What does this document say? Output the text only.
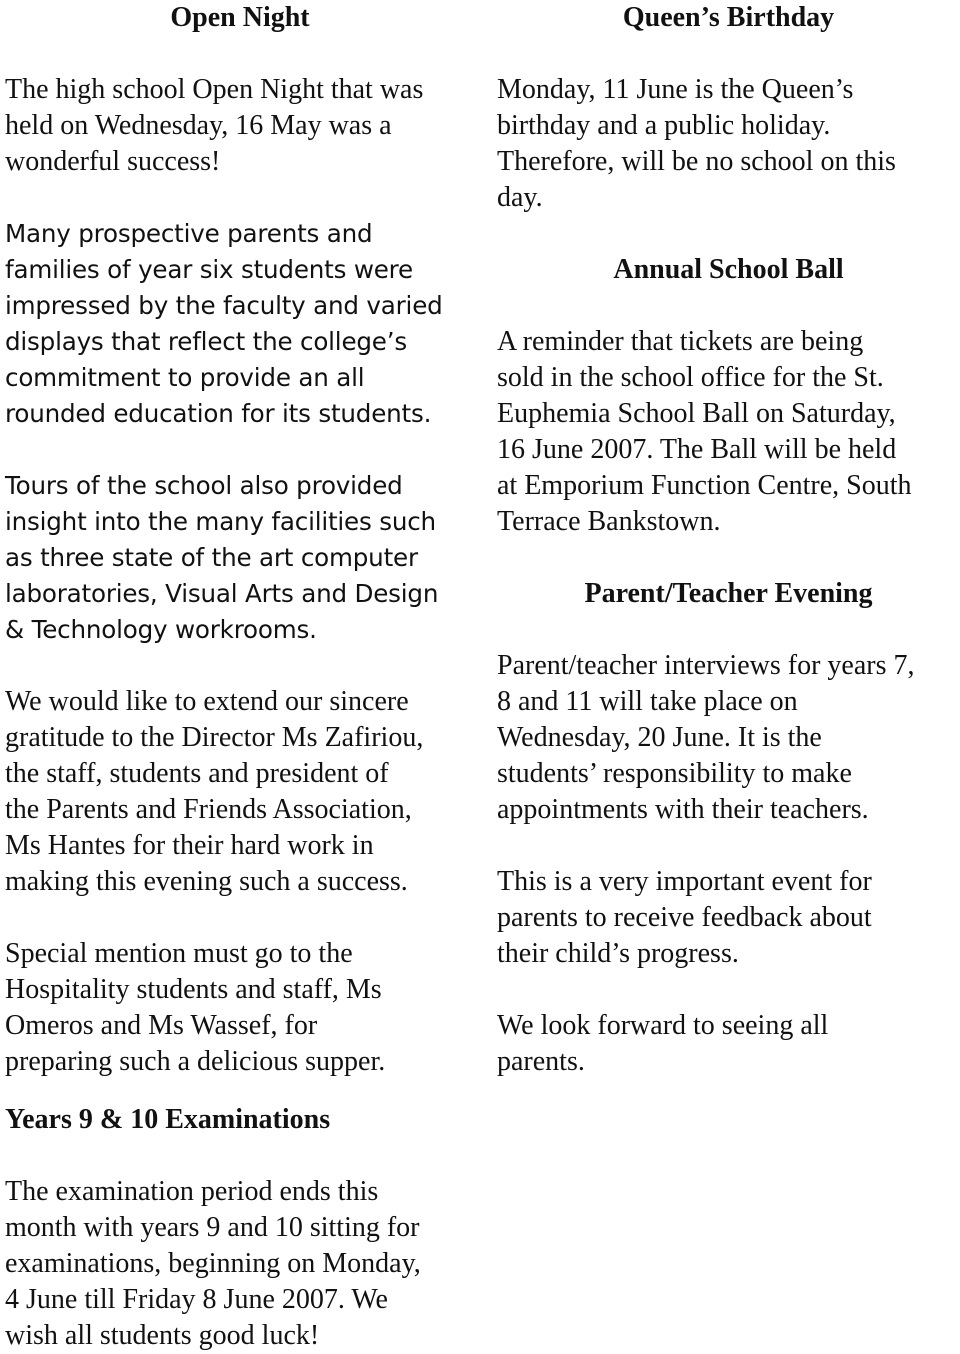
Open Night

The high school Open Night that was
held on Wednesday, 16 May was a
wonderful success!

Many prospective parents and
families of year six students were
impressed by the faculty and varied
displays that reflect the college’s
commitment to provide an all
rounded education for its students.

Tours of the school also provided
insight into the many facilities such
as three state of the art computer
laboratories, Visual Arts and Design
& Technology workrooms.

We would like to extend our sincere
gratitude to the Director Ms Zafiriou,
the staff, students and president of
the Parents and Friends Association,
Ms Hantes for their hard work in
making this evening such a success.

Special mention must go to the
Hospitality students and staff, Ms
Omeros and Ms Wassef, for
preparing such a delicious supper.

Queen’s Birthday

Monday, 11 June is the Queen’s
birthday and a public holiday.
Therefore, will be no school on this
day.

Annual School Ball

A reminder that tickets are being
sold in the school office for the St.
Euphemia School Ball on Saturday,
16 June 2007. The Ball will be held
at Emporium Function Centre, South
Terrace Bankstown.

Parent/Teacher Evening

Parent/teacher interviews for years 7,
8 and 11 will take place on
Wednesday, 20 June. It is the
students’ responsibility to make
appointments with their teachers.

This is a very important event for
parents to receive feedback about
their child’s progress.

We look forward to seeing all
parents.

Years 9 & 10 Examinations

The examination period ends this
month with years 9 and 10 sitting for
examinations, beginning on Monday,
4 June till Friday 8 June 2007. We
wish all students good luck!
